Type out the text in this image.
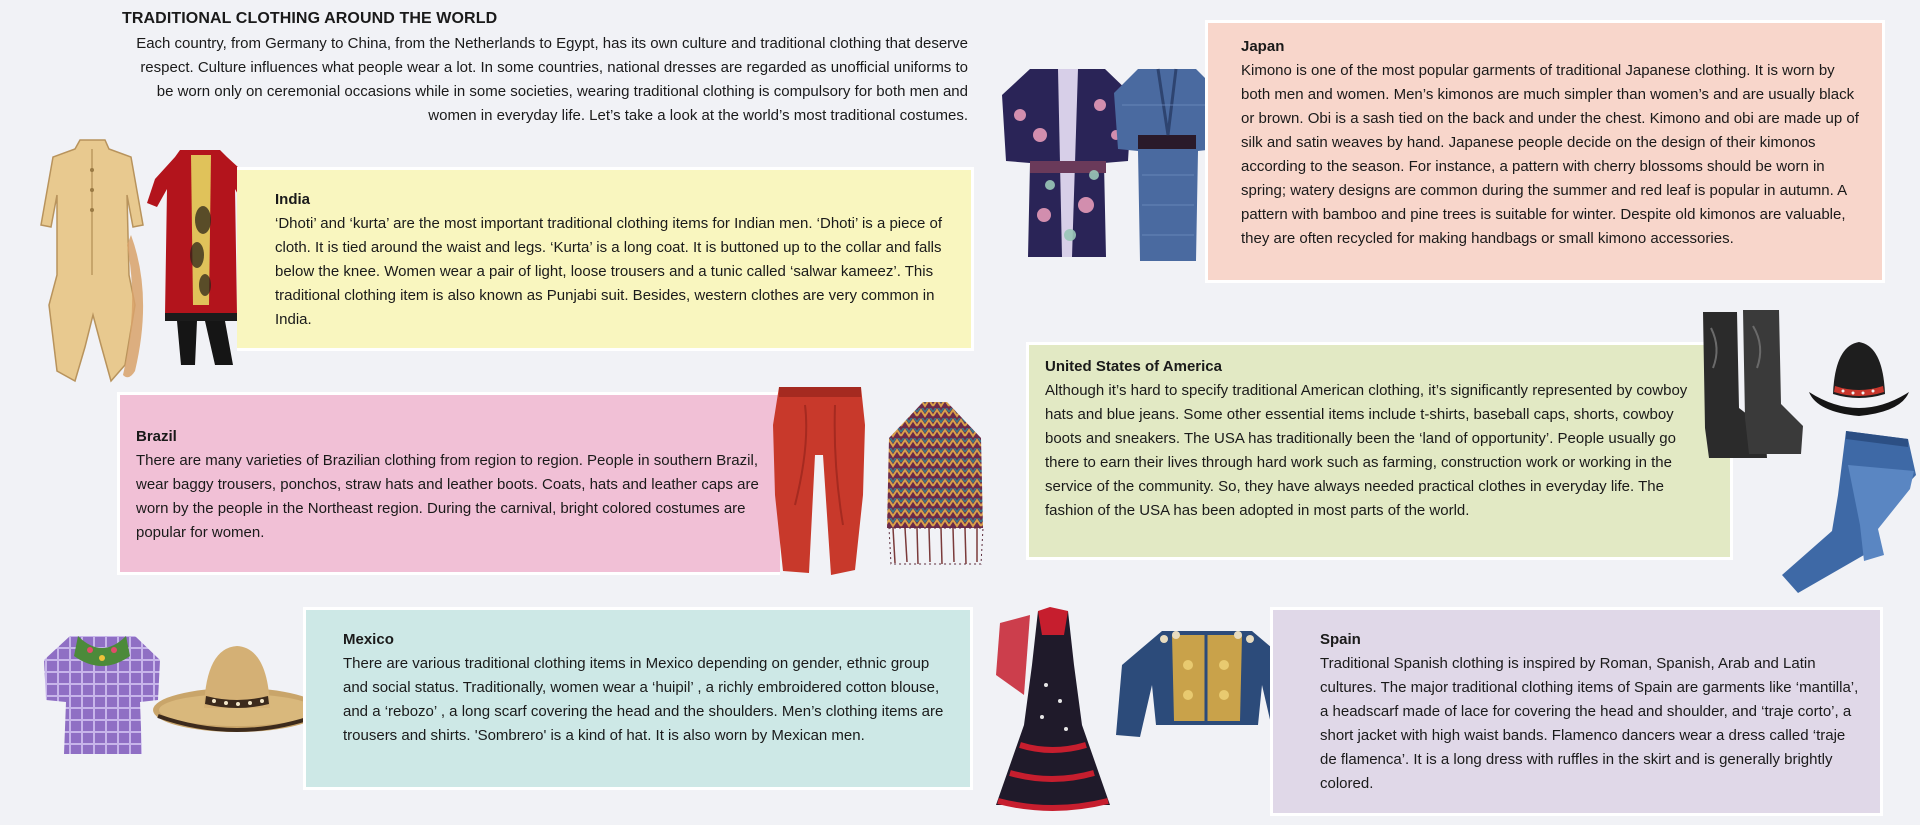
TRADITIONAL CLOTHING AROUND THE WORLD

Each country, from Germany to China, from the Netherlands to Egypt, has its own culture and traditional clothing that deserve respect. Culture influences what people wear a lot. In some countries, national dresses are regarded as unofficial uniforms to be worn only on ceremonial occasions while in some societies, wearing traditional clothing is compulsory for both men and women in everyday life. Let’s take a look at the world’s most traditional costumes.

India

‘Dhoti’ and ‘kurta’ are the most important traditional clothing items for Indian men. ‘Dhoti’ is a piece of cloth. It is tied around the waist and legs. ‘Kurta’ is a long coat. It is buttoned up to the collar and falls below the knee. Women wear a pair of light, loose trousers and a tunic called ‘salwar kameez’. This traditional clothing item is also known as Punjabi suit. Besides, western clothes are very common in India.

Brazil

There are many varieties of Brazilian clothing from region to region. People in southern Brazil, wear baggy trousers, ponchos, straw hats and leather boots. Coats, hats and leather caps are worn by the people in the Northeast region. During the carnival, bright colored costumes are popular for women.

Mexico

There are various traditional clothing items in Mexico depending on gender, ethnic group and social status. Traditionally, women wear a ‘huipil’ , a richly embroidered cotton blouse, and a ‘rebozo’ , a long scarf covering the head and the shoulders. Men’s clothing items are trousers and shirts. 'Sombrero' is a kind of hat. It is also worn by Mexican men.

Japan

Kimono is one of the most popular garments of traditional Japanese clothing. It is worn by both men and women. Men’s kimonos are much simpler than women’s and are usually black or brown. Obi is a sash tied on the back and under the chest. Kimono and obi are made up of silk and satin weaves by hand. Japanese people decide on the design of their kimonos according to the season. For instance, a pattern with cherry blossoms should be worn in spring; watery designs are common during the summer and red leaf is popular in autumn. A pattern with bamboo and pine trees is suitable for winter. Despite old kimonos are valuable, they are often recycled for making handbags or small kimono accessories.

United States of America

Although it’s hard to specify traditional American clothing, it’s significantly represented by cowboy hats and blue jeans. Some other essential items include t-shirts, baseball caps, shorts, cowboy boots and sneakers. The USA has traditionally been the ‘land of opportunity’. People usually go there to earn their lives through hard work such as farming, construction work or working in the service of the community. So, they have always needed practical clothes in everyday life. The fashion of the USA has been adopted in most parts of the world.

Spain

Traditional Spanish clothing is inspired by Roman, Spanish, Arab and Latin cultures. The major traditional clothing items of Spain are garments like ‘mantilla’, a headscarf made of lace for covering the head and shoulder, and ‘traje corto’, a short jacket with high waist bands. Flamenco dancers wear a dress called ‘traje de flamenca’. It is a long dress with ruffles in the skirt and is generally brightly colored.
